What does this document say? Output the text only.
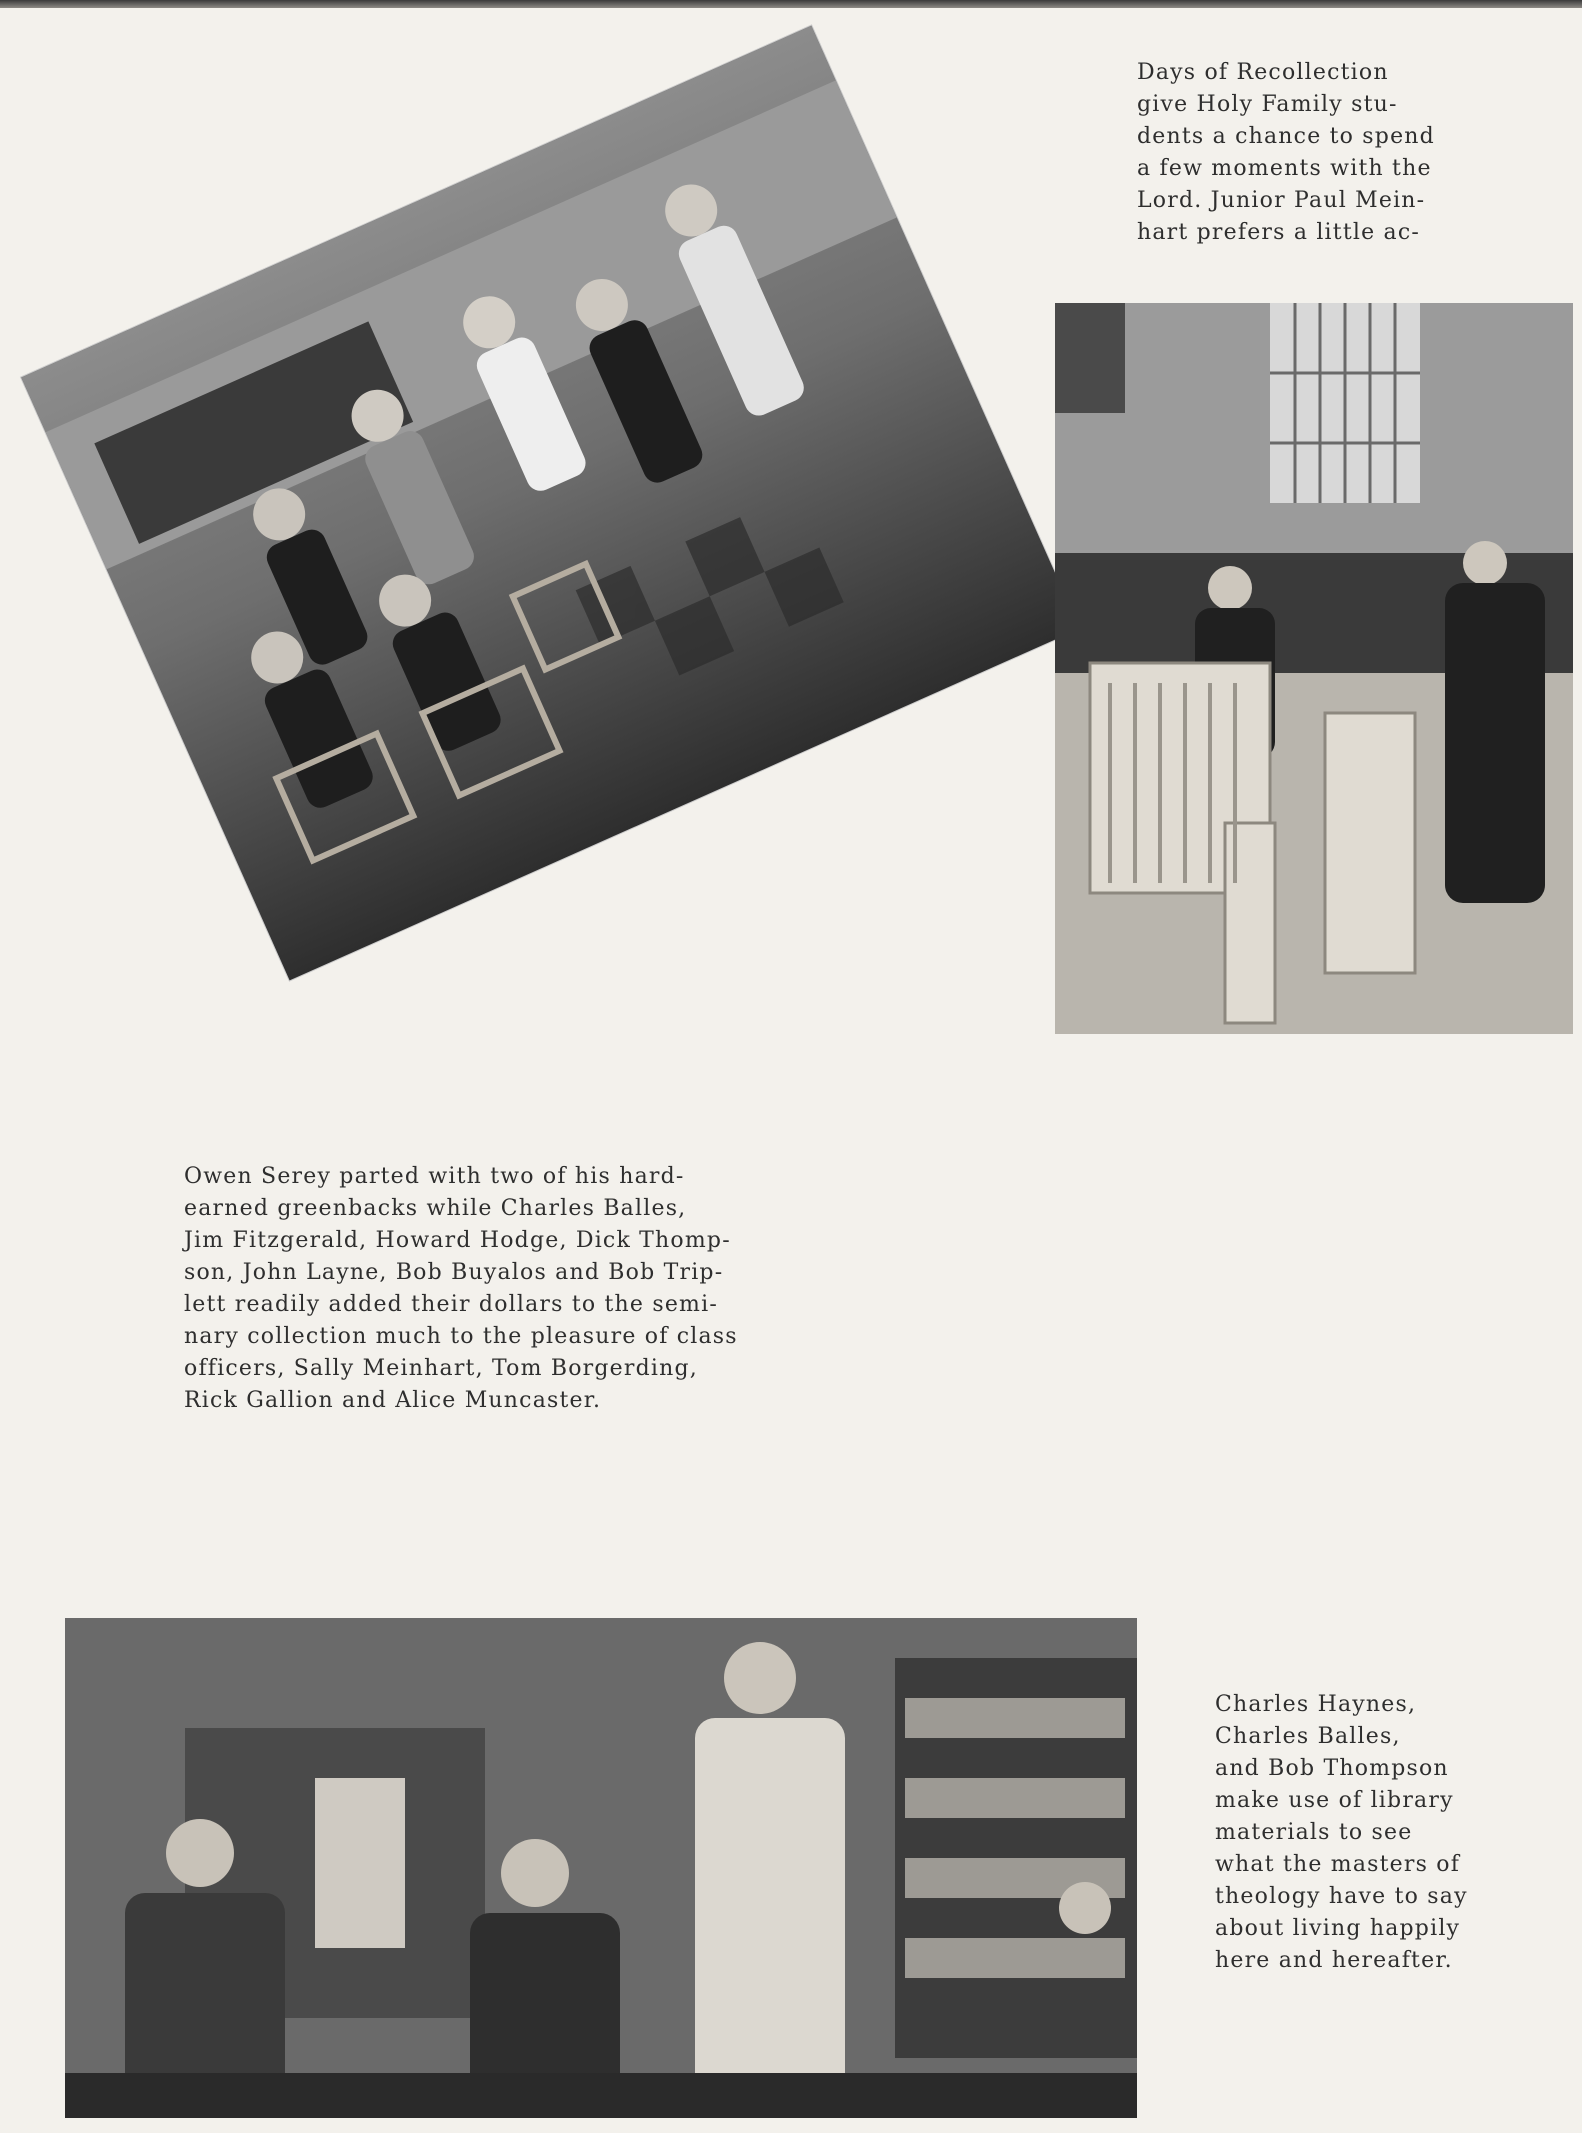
Days of Recollection
give Holy Family stu-
dents a chance to spend
a few moments with the
Lord. Junior Paul Mein-
hart prefers a little ac-

Owen Serey parted with two of his hard-
earned greenbacks while Charles Balles,
Jim Fitzgerald, Howard Hodge, Dick Thomp-
son, John Layne, Bob Buyalos and Bob Trip-
lett readily added their dollars to the semi-
nary collection much to the pleasure of class
officers, Sally Meinhart, Tom Borgerding,
Rick Gallion and Alice Muncaster.

Charles Haynes,
Charles Balles,
and Bob Thompson
make use of library
materials to see
what the masters of
theology have to say
about living happily
here and hereafter.
